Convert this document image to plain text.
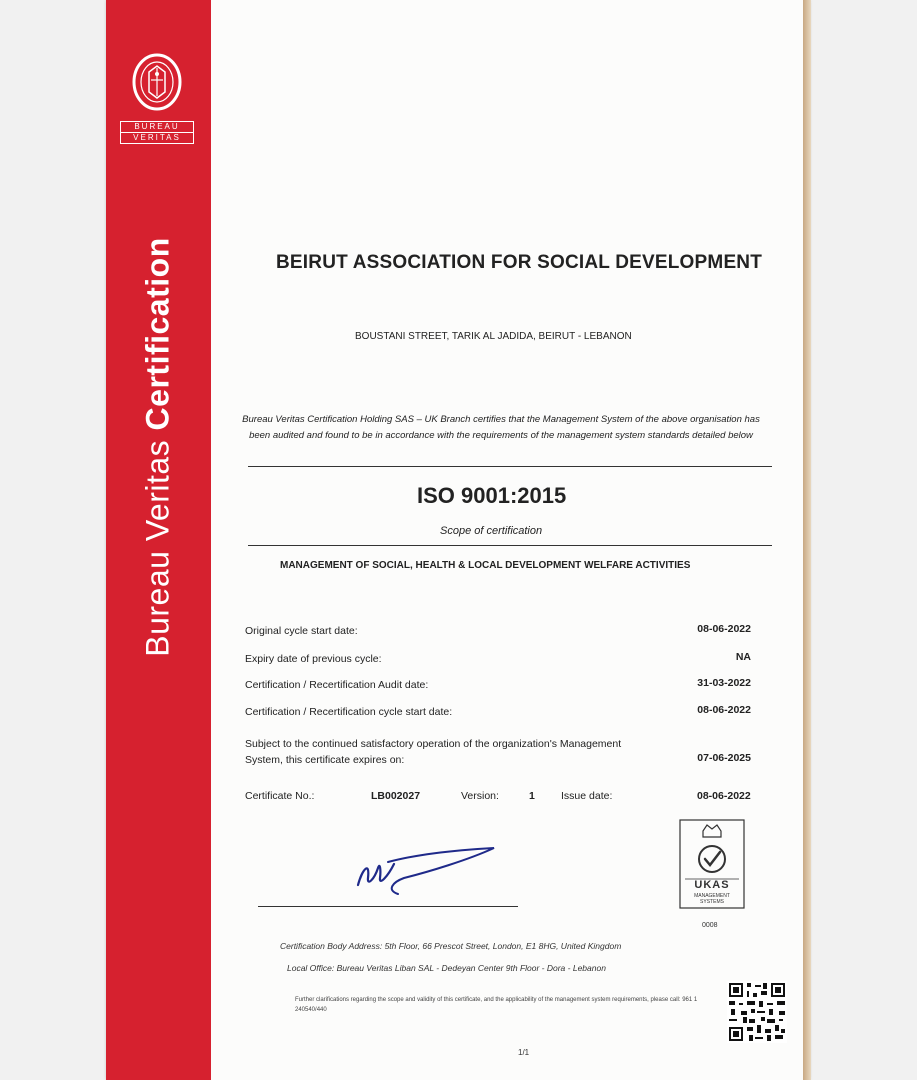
BUREAU
VERITAS
Bureau Veritas Certification	BEIRUT ASSOCIATION FOR SOCIAL DEVELOPMENT
BOUSTANI STREET, TARIK AL JADIDA, BEIRUT - LEBANON
Bureau Veritas Certification Holding SAS – UK Branch certifies that the Management System of the above organisation has been audited and found to be in accordance with the requirements of the management system standards detailed below
ISO 9001:2015
Scope of certification
MANAGEMENT OF SOCIAL, HEALTH & LOCAL DEVELOPMENT WELFARE ACTIVITIES
Original cycle start date:	08-06-2022
Expiry date of previous cycle:	NA
Certification / Recertification Audit date:	31-03-2022
Certification / Recertification cycle start date:	08-06-2022
Subject to the continued satisfactory operation of the organization's Management System, this certificate expires on:	07-06-2025
Certificate No.:	LB002027	Version:	1 Issue date:	08-06-2022
UKAS
MANAGEMENT SYSTEMS
0008
Certification Body Address: 5th Floor, 66 Prescot Street, London, E1 8HG, United Kingdom
Local Office: Bureau Veritas Liban SAL - Dedeyan Center 9th Floor - Dora - Lebanon
Further clarifications regarding the scope and validity of this certificate, and the applicability of the management system requirements, please call: 961 1 240540/440
1/1
